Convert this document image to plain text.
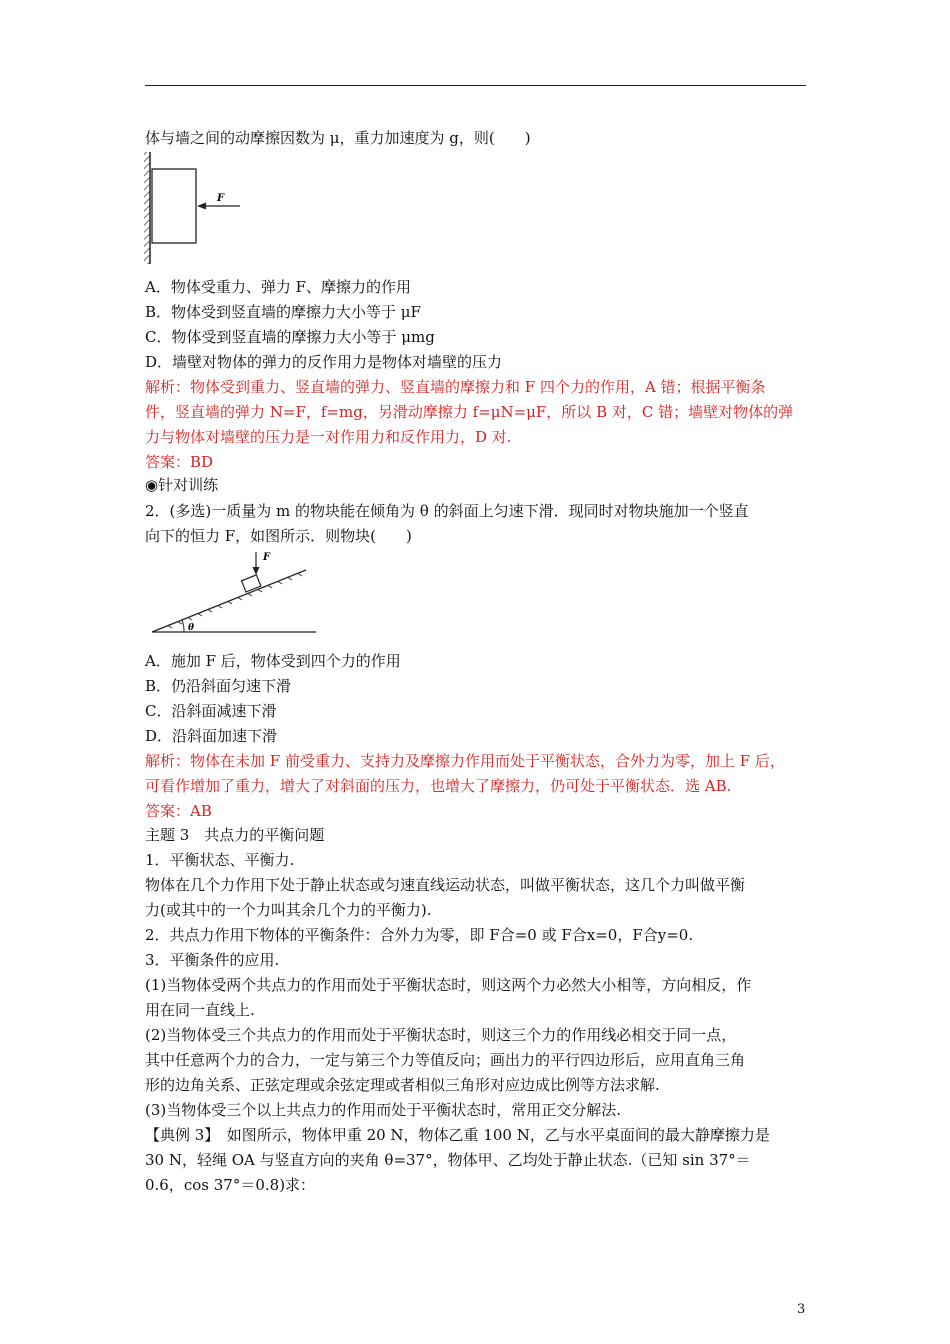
体与墙之间的动摩擦因数为 μ，重力加速度为 g，则(　　)
F
A．物体受重力、弹力 F、摩擦力的作用
B．物体受到竖直墙的摩擦力大小等于 μF
C．物体受到竖直墙的摩擦力大小等于 μmg
D．墙壁对物体的弹力的反作用力是物体对墙壁的压力
解析：物体受到重力、竖直墙的弹力、竖直墙的摩擦力和 F 四个力的作用，A 错；根据平衡条
件，竖直墙的弹力 N=F，f=mg，另滑动摩擦力 f=μN=μF，所以 B 对，C 错；墙壁对物体的弹
力与物体对墙壁的压力是一对作用力和反作用力，D 对.
答案：BD
◉针对训练
2．(多选)一质量为 m 的物块能在倾角为 θ 的斜面上匀速下滑．现同时对物块施加一个竖直
向下的恒力 F，如图所示．则物块(　　)
θ
F
A．施加 F 后，物体受到四个力的作用
B．仍沿斜面匀速下滑
C．沿斜面减速下滑
D．沿斜面加速下滑
解析：物体在未加 F 前受重力、支持力及摩擦力作用而处于平衡状态，合外力为零，加上 F 后，
可看作增加了重力，增大了对斜面的压力，也增大了摩擦力，仍可处于平衡状态．选 AB.
答案：AB
主题 3　共点力的平衡问题
1．平衡状态、平衡力.
物体在几个力作用下处于静止状态或匀速直线运动状态，叫做平衡状态，这几个力叫做平衡
力(或其中的一个力叫其余几个力的平衡力).
2．共点力作用下物体的平衡条件：合外力为零，即 F合=0 或 F合x=0，F合y=0.
3．平衡条件的应用.
(1)当物体受两个共点力的作用而处于平衡状态时，则这两个力必然大小相等，方向相反，作
用在同一直线上.
(2)当物体受三个共点力的作用而处于平衡状态时，则这三个力的作用线必相交于同一点，
其中任意两个力的合力，一定与第三个力等值反向；画出力的平行四边形后，应用直角三角
形的边角关系、正弦定理或余弦定理或者相似三角形对应边成比例等方法求解.
(3)当物体受三个以上共点力的作用而处于平衡状态时，常用正交分解法.
【典例 3】　如图所示，物体甲重 20 N，物体乙重 100 N，乙与水平桌面间的最大静摩擦力是
30 N，轻绳 OA 与竖直方向的夹角 θ=37°，物体甲、乙均处于静止状态.（已知 sin 37°＝
0.6，cos 37°＝0.8)求：
3
